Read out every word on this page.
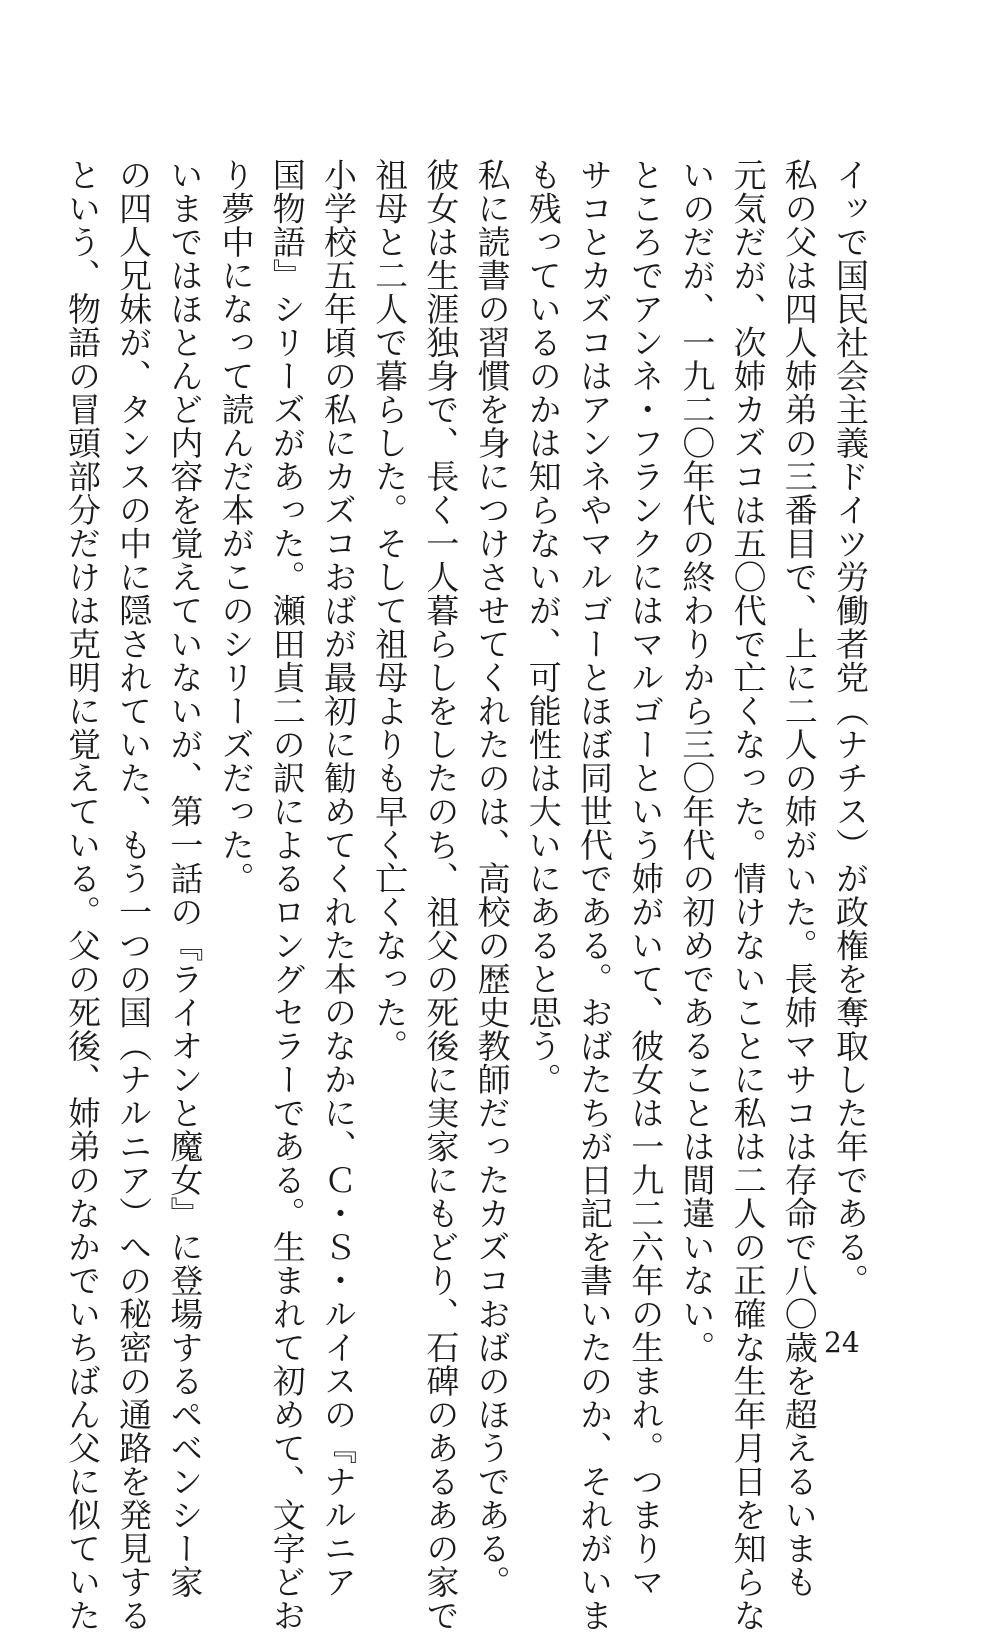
イッで国民社会主義ドイツ労働者党（ナチス）が政権を奪取した年である。
私の父は四人姉弟の三番目で、上に二人の姉がいた。長姉マサコは存命で八〇歳を超えるいまも
元気だが、次姉カズコは五〇代で亡くなった。情けないことに私は二人の正確な生年月日を知らな
いのだが、一九二〇年代の終わりから三〇年代の初めであることは間違いない。
ところでアンネ・フランクにはマルゴーという姉がいて、彼女は一九二六年の生まれ。つまりマ
サコとカズコはアンネやマルゴーとほぼ同世代である。おばたちが日記を書いたのか、それがいま
も残っているのかは知らないが、可能性は大いにあると思う。
私に読書の習慣を身につけさせてくれたのは、高校の歴史教師だったカズコおばのほうである。
彼女は生涯独身で、長く一人暮らしをしたのち、祖父の死後に実家にもどり、石碑のあるあの家で
祖母と二人で暮らした。そして祖母よりも早く亡くなった。
小学校五年頃の私にカズコおばが最初に勧めてくれた本のなかに、Ｃ・Ｓ・ルイスの『ナルニア
国物語』シリーズがあった。瀬田貞二の訳によるロングセラーである。生まれて初めて、文字どお
り夢中になって読んだ本がこのシリーズだった。
いまではほとんど内容を覚えていないが、第一話の『ライオンと魔女』に登場するペベンシー家
の四人兄妹が、タンスの中に隠されていた、もう一つの国（ナルニア）への秘密の通路を発見する
という、物語の冒頭部分だけは克明に覚えている。父の死後、姉弟のなかでいちばん父に似ていた	24
